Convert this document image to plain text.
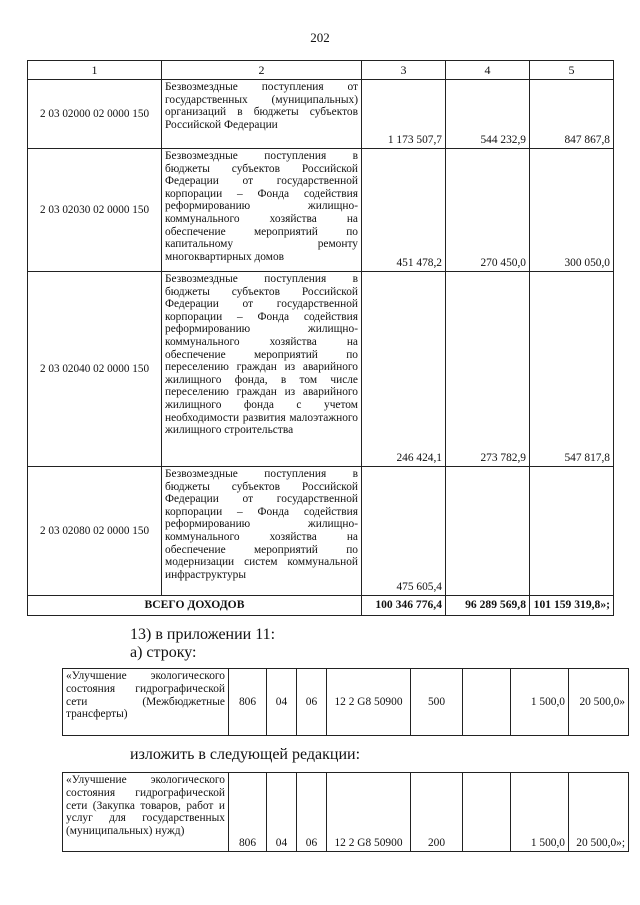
202
1	2	3	4	5
2 03 02000 02 0000 150	Безвозмездные поступления от государственных (муниципальных) организаций в бюджеты субъектов Российской Федерации	1 173 507,7	544 232,9	847 867,8
2 03 02030 02 0000 150	Безвозмездные поступления в бюджеты субъектов Российской Федерации от государственной корпорации – Фонда содействия реформированию жилищно-коммунального хозяйства на обеспечение мероприятий по капитальному ремонту многоквартирных домов	451 478,2	270 450,0	300 050,0
2 03 02040 02 0000 150	Безвозмездные поступления в бюджеты субъектов Российской Федерации от государственной корпорации – Фонда содействия реформированию жилищно-коммунального хозяйства на обеспечение мероприятий по переселению граждан из аварийного жилищного фонда, в том числе переселению граждан из аварийного жилищного фонда с учетом необходимости развития малоэтажного жилищного строительства	246 424,1	273 782,9	547 817,8
2 03 02080 02 0000 150	Безвозмездные поступления в бюджеты субъектов Российской Федерации от государственной корпорации – Фонда содействия реформированию жилищно-коммунального хозяйства на обеспечение мероприятий по модернизации систем коммунальной инфраструктуры	475 605,4		
ВСЕГО ДОХОДОВ		100 346 776,4	96 289 569,8	101 159 319,8»;
13) в приложении 11:
а) строку:
«Улучшение экологического состояния гидрографической сети (Межбюджетные трансферты)	806	04	06	12 2 G8 50900	500		1 500,0	20 500,0»
изложить в следующей редакции:
«Улучшение экологического состояния гидрографической сети (Закупка товаров, работ и услуг для государственных (муниципальных) нужд)	806	04	06	12 2 G8 50900	200		1 500,0	20 500,0»;
